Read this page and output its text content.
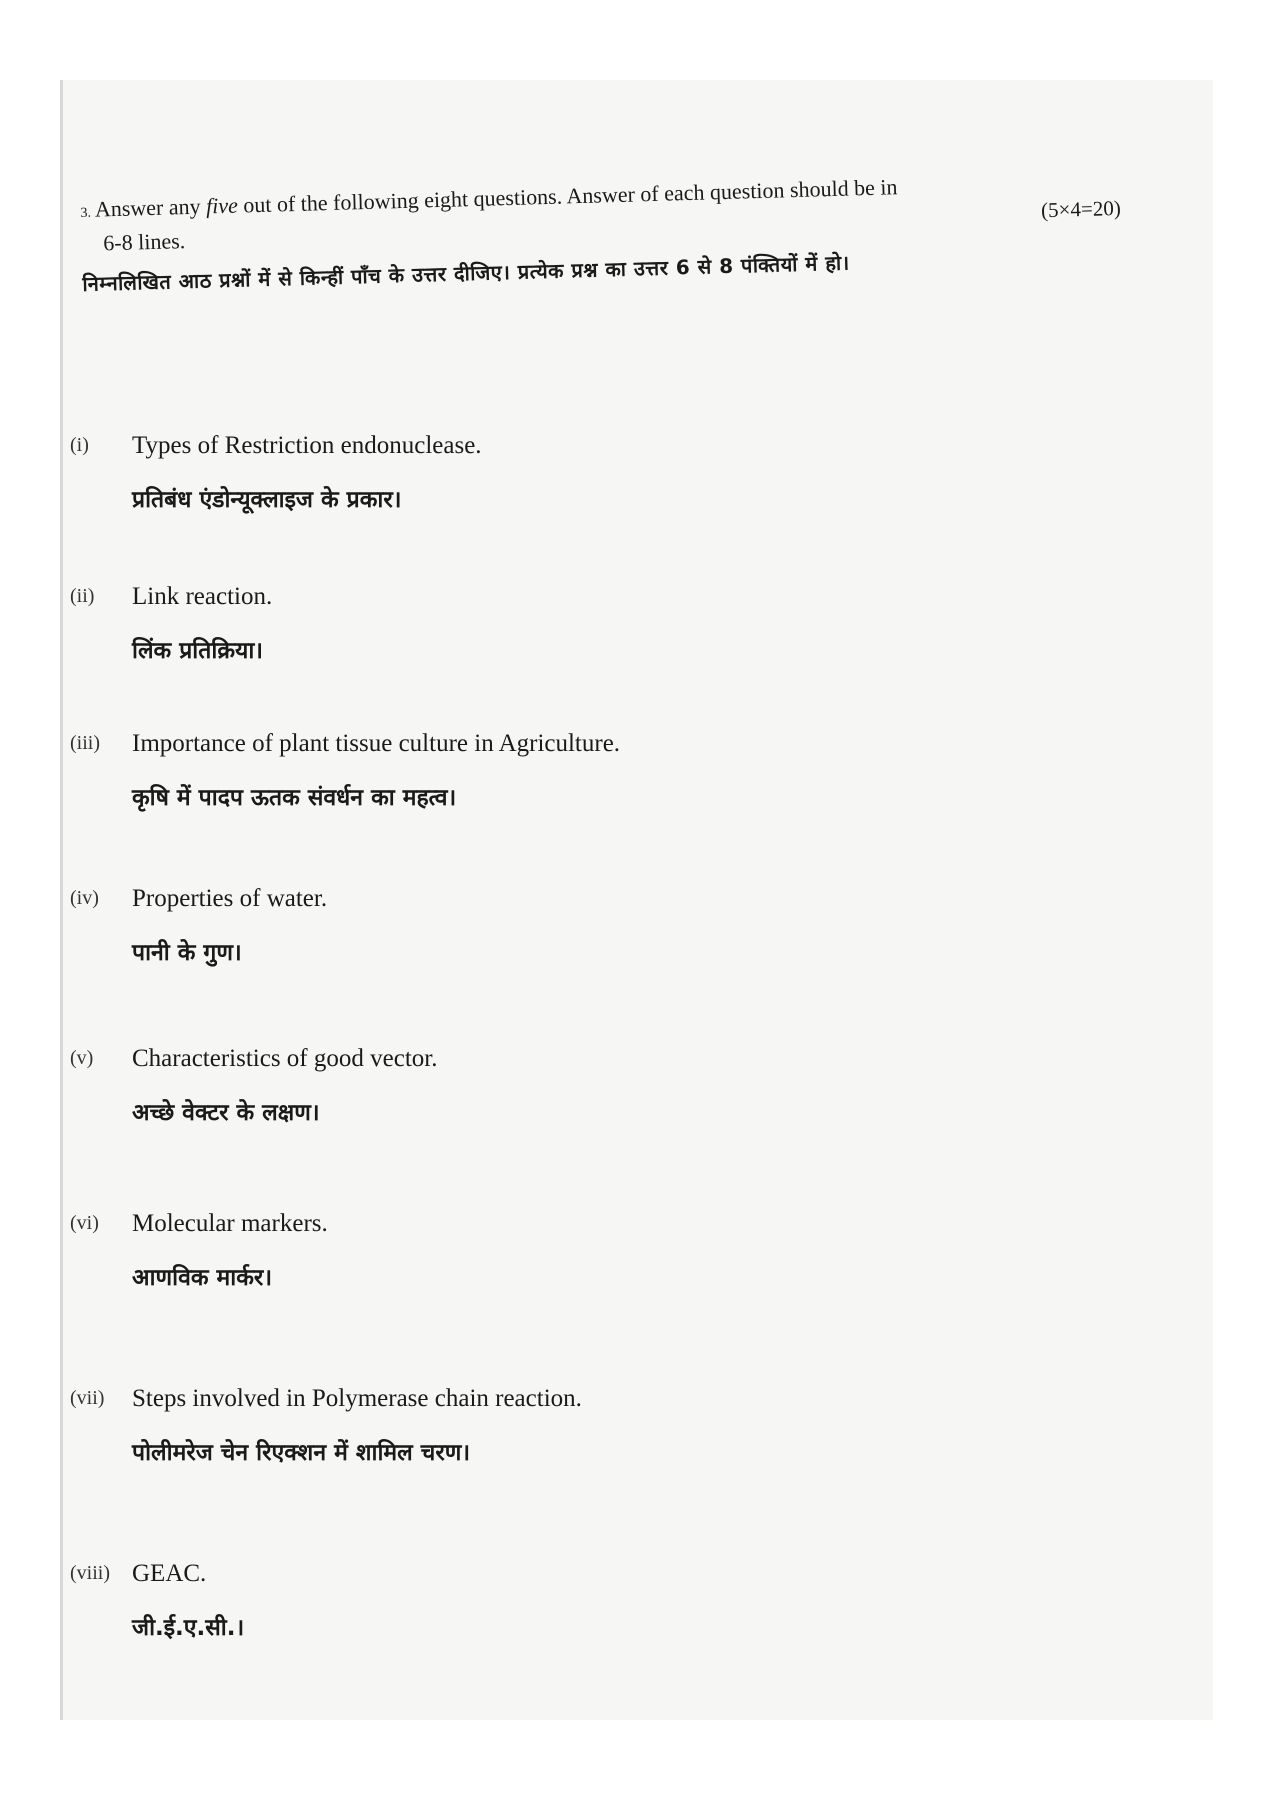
3. Answer any five out of the following eight questions. Answer of each question should be in
6-8 lines.
(5×4=20)
निम्नलिखित आठ प्रश्नों में से किन्हीं पाँच के उत्तर दीजिए। प्रत्येक प्रश्न का उत्तर 6 से 8 पंक्तियों में हो।
(i) Types of Restriction endonuclease.
प्रतिबंध एंडोन्यूक्लाइज के प्रकार।
(ii) Link reaction.
लिंक प्रतिक्रिया।
(iii) Importance of plant tissue culture in Agriculture.
कृषि में पादप ऊतक संवर्धन का महत्व।
(iv) Properties of water.
पानी के गुण।
(v) Characteristics of good vector.
अच्छे वेक्टर के लक्षण।
(vi) Molecular markers.
आणविक मार्कर।
(vii) Steps involved in Polymerase chain reaction.
पोलीमरेज चेन रिएक्शन में शामिल चरण।
(viii) GEAC.
जी.ई.ए.सी.।
